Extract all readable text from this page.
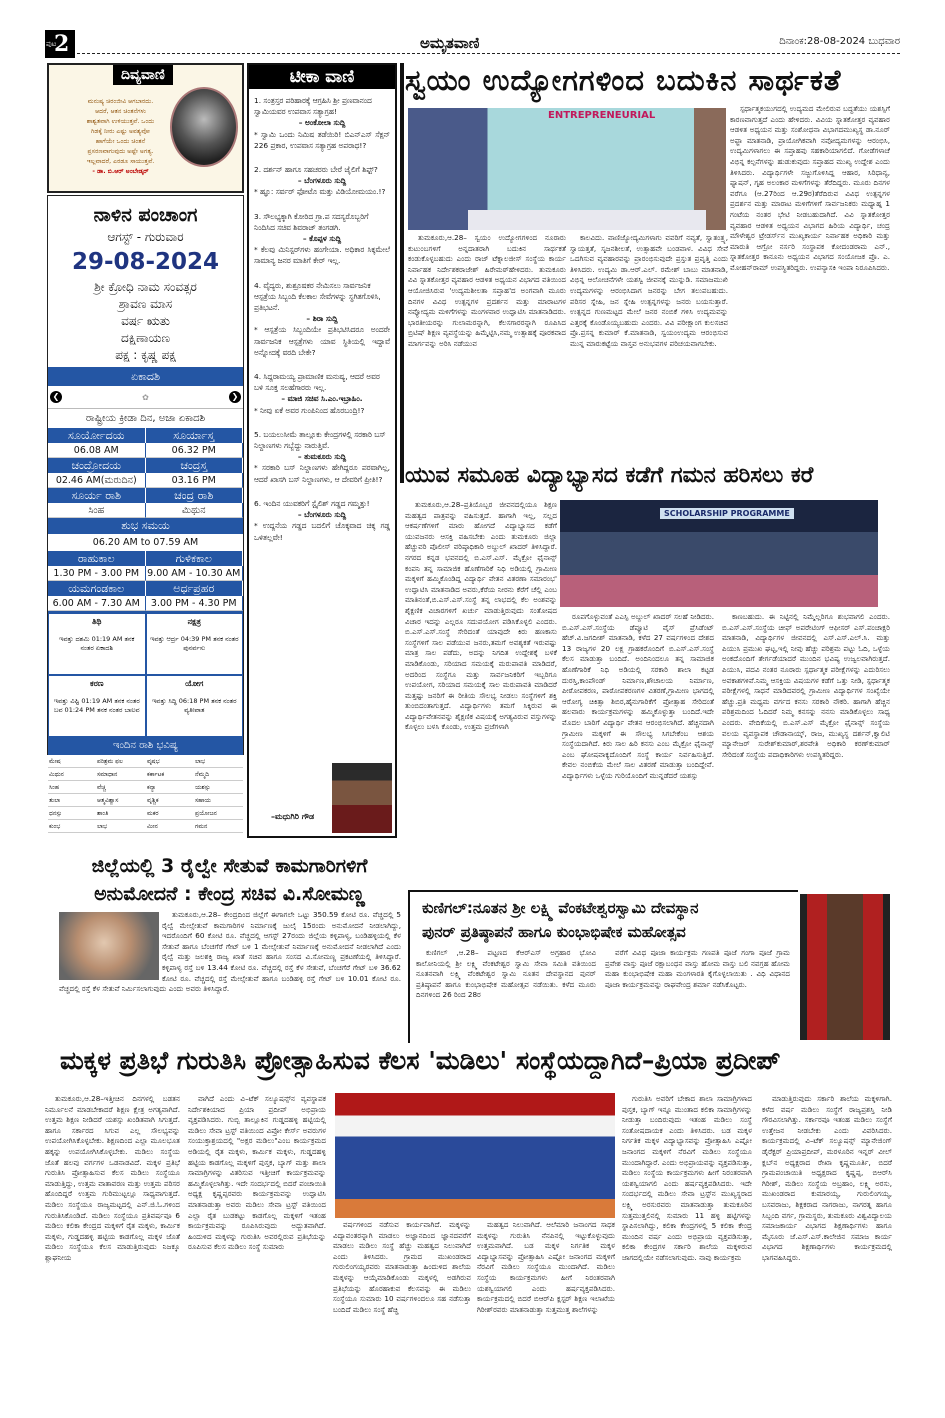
ಪುಟ
2	ಅಮೃತವಾಣಿ	ದಿನಾಂಕ:28-08-2024 ಬುಧವಾರ
ದಿವ್ಯವಾಣಿ
ಮನುಷ್ಯ ಚಿರಂಜೀವಿ ಆಗಬಾರದು.
ಆದರೆ, ಆತನ ಚಿಂತನೆಗಳು
ಶಾಶ್ವತವಾಗಿ ಉಳಿಯುತ್ತವೆ. ಒಂದು
ಗಿಡಕ್ಕೆ ನೀರು ಎಷ್ಟು ಅವಶ್ಯವೋ
ಹಾಗೆಯೇ ಒಂದು ಚಿಂತನೆ
ಪ್ರಸರಣವಾಗುವುದು ಅಷ್ಟೇ ಅಗತ್ಯ.
ಇಲ್ಲವಾದರೆ, ಎರಡೂ ಸಾಯುತ್ತವೆ.
- ಡಾ. ಬಿ.ಆರ್ ಅಂಬೇಡ್ಕರ್
ನಾಳಿನ ಪಂಚಾಂಗ
ಆಗಸ್ಟ್ - ಗುರುವಾರ
29-08-2024
ಶ್ರೀ ಕ್ರೋಧಿ ನಾಮ ಸಂವತ್ಸರ
ಶ್ರಾವಣ ಮಾಸ
ವರ್ಷ ಋತು
ದಕ್ಷಿಣಾಯಣ
ಪಕ್ಷ : ಕೃಷ್ಣ ಪಕ್ಷ
ಏಕಾದಶಿ
❮	✿	❯
ರಾಷ್ಟ್ರೀಯ ಕ್ರೀಡಾ ದಿನ, ಅಜಾ ಏಕಾದಶಿ
ಸೂರ್ಯೋದಯ	ಸೂರ್ಯಾಸ್ತ
06.08 AM	06.32 PM
ಚಂದ್ರೋದಯ	ಚಂದ್ರಸ್ತ
02.46 AM(ಮರುದಿನ)	03.16 PM
ಸೂರ್ಯ ರಾಶಿ	ಚಂದ್ರ ರಾಶಿ
ಸಿಂಹ	ಮಿಥುನ
ಶುಭ ಸಮಯ
06.20 AM to 07.59 AM
ರಾಹುಕಾಲ	ಗುಳಿಕಕಾಲ
1.30 PM - 3.00 PM 9.00 AM - 10.30 AM
ಯಮಗಂಡಕಾಲ	ಅರ್ಧಪ್ರಹರ
6.00 AM - 7.30 AM	3.00 PM - 4.30 PM
ತಿಥಿ
ಇವತ್ತು ದಶಮಿ 01:19 AM ತನಕ ನಂತರ ಏಕಾದಶಿ
ನಕ್ಷತ್ರ
ಇವತ್ತು ಆರ್ದ್ರ 04:39 PM ತನಕ ನಂತರ ಪುನರ್ವಸು
ಕರಣ
ಇವತ್ತು ವಿಷ್ಟಿ 01:19 AM ತನಕ ನಂತರ ಬವ 01:24 PM ತನಕ ನಂತರ ಬಾಲವ
ಯೋಗ
ಇವತ್ತು ಸಿದ್ಧಿ 06:18 PM ತನಕ ನಂತರ ವ್ಯತೀಪಾತ
ಇಂದಿನ ರಾಶಿ ಭವಿಷ್ಯ
ಮೇಷ	ಪರಿಶ್ರಮ ಫಲ	ವೃಷಭ	ಲಾಭ
ಮಿಥುನ	ಸಮಾಧಾನ	ಕರ್ಕಾಟಕ	ನೆಮ್ಮದಿ
ಸಿಂಹ	ವೆಚ್ಚ	ಕನ್ಯಾ	ಯಶಸ್ಸು
ತುಲಾ	ಆತ್ಮವಿಶ್ವಾಸ	ವೃಶ್ಚಿಕ	ಸಹಾಯ
ಧನಸ್ಸು	ಶಾಂತಿ	ಮಕರ	ಪ್ರಯೋಜನ
ಕುಂಭ	ಲಾಭ	ಮೀನ	ಗಮನ
ಟೀಕಾ ವಾಣಿ
1. ಸಂತ್ರಸ್ತರ ಪರಿಹಾರಕ್ಕೆ ಆಗ್ರಹಿಸಿ ಶ್ರೀ ಪ್ರಣವಾನಂದ ಸ್ವಾಮಿಯವರ ಉಪವಾಸ ಸತ್ಯಾಗ್ರಹ!
– ಅಂಕೋಲಾ ಸುದ್ದಿ
* ಸ್ವಾಮಿ ಒಂದು ನಿಮಿಷ ತಡೆಯಿರಿ! ಬಿಎನ್‌ಎಸ್ ಸೆಕ್ಷನ್ 226 ಪ್ರಕಾರ, ಉಪವಾಸ ಸತ್ಯಾಗ್ರಹ ಅಪರಾಧ!?
2. ದರ್ಶನ್ ಹಾಗೂ ಸಹಚರರು ಬೇರೆ ಜೈಲಿಗೆ ಶಿಫ್ಟ್?
– ಬೆಂಗಳೂರು ಸುದ್ದಿ
* ಹ್ಞೂ: ಸರ್ವರ್ ಫೋಟೊ ಮತ್ತು ವಿಡಿಯೋಮಯಂ.!?
3. ಸೌಲಭ್ಯಕ್ಕಾಗಿ ಕೋರಿದ ಗ್ರಾ.ಪ ಸದಸ್ಯರೊಬ್ಬರಿಗೆ ನಿಂದಿಸಿದ ಸಚಿವ ಶಿವರಾಜ್ ತಂಗಡಗಿ.
– ಕೊಪ್ಪಳ ಸುದ್ದಿ
* ಕೆಲವು ಮಿನಿಸ್ಟರ್‌ಗಳು ಹಂಗೇಯಾ. ಅಧಿಕಾರ ಸಿಕ್ಕಮೇಲೆ ಸಾಮಾನ್ಯ ಜನರ ಮಾತಿಗೆ ಕೇರ್ ಇಲ್ಲ.
4. ವೈದ್ಯರು, ಶುಶ್ರೂಷಕರ ನೇಮಿಸಲು ಸಾರ್ವಜನಿಕ ಆಸ್ಪತ್ರೆಯ ಸಿಬ್ಬಂದಿ ಕೆಲಕಾಲ ಸೇವೆಗಳನ್ನು ಸ್ಥಗಿತಗೊಳಿಸಿ, ಪ್ರತಿಭಟನೆ.
– ಶಿರಾ ಸುದ್ದಿ
* ಆಸ್ಪತ್ರೆಯ ಸಿಬ್ಬಂದಿಯೇ ಪ್ರತಿಭಟಿಸಿದರೂ ಅಂದರೇ ಸಾರ್ವಜನಿಕ ಆಸ್ಪತ್ರೆಗಳು ಯಾವ ಸ್ಥಿತಿಯಲ್ಲಿ ಇದ್ದಾವೆ ಅನ್ನೋದಕ್ಕೆ ವರದಿ ಬೇಕೇ?
4. ಸಿದ್ದರಾಮಯ್ಯ ಪ್ರಾಮಾಣಿಕ ಮನುಷ್ಯ, ಆದರೆ ಅವರ ಬಳಿ ಸೂಕ್ತ ಸಲಹೆಗಾರರು ಇಲ್ಲ.
– ಮಾಜಿ ಸಚಿವ ಸಿ.ಎಂ.ಇಬ್ರಾಹಿಂ.
* ನೀವು ಏಕೆ ಅವರ ಗುಂಪಿನಿಂದ ಹೊರಬಂದ್ರಿ!?
5. ಬಯಲುಸೀಮೆ ತಾಲ್ಲೂಕು ಕೇಂದ್ರಗಳಲ್ಲಿ ಸರಕಾರಿ ಬಸ್ ನಿಲ್ದಾಣಗಳು ಗಬ್ಬೆದ್ದು ನಾರುತ್ತಿವೆ.
– ತುಮಕೂರು ಸುದ್ದಿ
* ಸರಕಾರಿ ಬಸ್ ನಿಲ್ದಾಣಗಳು ಹೇಗಿದ್ದರೂ ಪರವಾಗಿಲ್ಲ, ಆದರೆ ಖಾಸಗಿ ಬಸ್ ನಿಲ್ದಾಣಗಳು, ಆ ದೇವರಿಗೆ ಪ್ರೀತಿ!?
6. ಇಂದಿನ ಯುವಕರಿಗೆ ಸ್ಟೈಲಿಶ್ ಗಡ್ಡದ ಗಮ್ಮತ್ತು!
– ಬೆಂಗಳೂರು ಸುದ್ದಿ
* ಉದ್ದನೆಯ ಗಡ್ಡದ ಬದಲಿಗೆ ಚೊಕ್ಕವಾದ ಚಿಕ್ಕ ಗಡ್ಡ ಒಳಿತಲ್ಲವೇ!
–ಮಧುಗಿರಿ ಗೌಡ
ಸ್ವಯಂ ಉದ್ಯೋಗಗಳಿಂದ ಬದುಕಿನ ಸಾರ್ಥಕತೆ
ENTREPRENEURIAL

ತುಮಕೂರು,ಆ.28– ಸ್ವಯಂ ಉದ್ಯೋಗಗಳಿಂದ ನೂರಾರು ಕುಟುಂಬಗಳಿಗೆ ಅನ್ನದಾತರಾಗಿ ಬದುಕಿನ ಸಾರ್ಥಕತೆ ಕಂಡುಕೊಳ್ಳಬಹುದು ಎಂದು ರಾಜ್ ಟೆಕ್ನಾಲಜೀಸ್ ಸಂಸ್ಥೆಯ ಕಾರ್ಯ ನಿರ್ವಾಹಕ ನಿರ್ದೇಶಕರಾಜೇಶ್ ಹಿರೇಮಠ್‌ಹೇಳಿದರು. ತುಮಕೂರು ವಿವಿ ಸ್ನಾತಕೋತ್ತರ ವ್ಯವಹಾರ ಆಡಳಿತ ಅಧ್ಯಯನ ವಿಭಾಗದ ವತಿಯಿಂದ ಆಯೋಜಿಸಿರುವ 'ಉದ್ಯಮಶೀಲತಾ ಸಪ್ತಾಹ'ದ ಅಂಗವಾಗಿ ಮೂರು ದಿನಗಳ ವಿವಿಧ ಉತ್ಪನ್ನಗಳ ಪ್ರದರ್ಶನ ಮತ್ತು ಮಾರಾಟಗಳ ನವ್ಯೋದ್ಯಮ ಮಳಿಗೆಗಳನ್ನು ಮಂಗಳವಾರ ಉದ್ಘಾಟಿಸಿ ಮಾತನಾಡಿದರು. ಭಾರತೀಯರನ್ನು ಗುಲಾಮರನ್ನಾಗಿ, ಕೆಲಸಗಾರರನ್ನಾಗಿ ರೂಪಿಸಿದ ಬ್ರಿಟಿಷ್ ಶಿಕ್ಷಣ ವ್ಯವಸ್ಥೆಯನ್ನು ಹಿಮ್ಮೆಟ್ಟಿಸಿ,ನಮ್ಮ ಉತ್ಸಾಹಕ್ಕೆ ಪೂರಕವಾದ ಮಾರ್ಗವನ್ನು ಅರಿಸಿ ನಡೆಯುವ

ಕಾಲವಿದು. ವಾಣಿಜ್ಯೋದ್ಯಮಿಗಳಾಗು ವವರಿಗೆ ನವ್ಯತೆ, ಸ್ವಾತಂತ್ರ್ಯ, ಸ್ವಾಯತ್ತತೆ, ಸೃಜನಶೀಲತೆ, ಉತ್ಸಾಹವೇ ಬಂಡವಾಳ. ವಿವಿಧ ಸೇವೆ ಒದಗಿಸುವ ವ್ಯವಹಾರವನ್ನು ಪ್ರಾರಂಭಿಸುವುದೇ ಪ್ರಸ್ತುತ ಪ್ರವೃತ್ತಿ ಎಂದು ತಿಳಿಸಿದರು. ಉದ್ಯಮಿ ಡಾ.ಆರ್.ಎಲ್. ರಮೇಶ್ ಬಾಬು ಮಾತನಾಡಿ, ವಿಭಿನ್ನ ಆಲೋಚನೆಗಳೇ ಯಶಸ್ವಿ ಜೀವನಕ್ಕೆ ಮುನ್ನುಡಿ. ಸಮಾಜಮುಖಿ ಉದ್ಯಮಗಳನ್ನು ಆರಂಭಿಸಿದಾಗ ಜನರನ್ನು ಬೇಗ ತಲುಪಬಹುದು. ಪರಿಸರ ಸ್ನೇಹಿ, ಜನ ಸ್ನೇಹಿ ಉತ್ಪನ್ನಗಳನ್ನು ಜನರು ಬಯಸುತ್ತಾರೆ. ಉತ್ಪನ್ನದ ಗುಣಮಟ್ಟದ ಮೇಲೆ ಜನರ ನಂಬಿಕೆ ಗಳಿಸಿ ಉದ್ಯಮವನ್ನು ಎತ್ತರಕ್ಕೆ ಕೊಂಡೊಯ್ಯಬಹುದು ಎಂದರು. ವಿವಿ ಪರೀಕ್ಷಾಂಗ ಕುಲಸಚಿವ ಪ್ರೊ.ಪ್ರಸನ್ನ ಕುಮಾರ್ ಕೆ.ಮಾತನಾಡಿ, ಸ್ವಯಂಉದ್ಯಮ ಆರಂಭಿಸುವ ಮುನ್ನ ಮಾರುಕಟ್ಟೆಯ ವಾಸ್ತವ ಅನುಭವಗಳ ಪರಿಚಯವಾಗಬೇಕು.

ಸ್ಪರ್ಧಾತ್ಮಕಯುಗದಲ್ಲಿ ಉದ್ಯಮದ ಮೇಲಿರುವ ಬದ್ಧತೆಯು ಯಶಸ್ಸಿಗೆ ಕಾರಣವಾಗುತ್ತದೆ ಎಂದು ಹೇಳಿದರು. ವಿವಿಯ ಸ್ನಾತಕೋತ್ತರ ವ್ಯವಹಾರ ಆಡಳಿತ ಅಧ್ಯಯನ ಮತ್ತು ಸಂಶೋಧನಾ ವಿಭಾಗದಮುಖ್ಯಸ್ಥ ಡಾ.ನೂರ್ ಅಫ್ಜಾ ಮಾತನಾಡಿ, ಪ್ರಾಯೋಗಿಕವಾಗಿ ನವೋದ್ಯಮಗಳನ್ನು ಆರಂಭಿಸಿ, ಉದ್ಯಮಿಗಳಾಗಲು ಈ ಸಪ್ತಾಹವು ಸಹಕಾರಿಯಾಗಲಿದೆ. ಗೋಡೆಗಳಾಚೆ ವಿಭಿನ್ನ ಕಲ್ಪನೆಗಳನ್ನು ಹುಡುಕುವುದು ಸಪ್ತಾಹದ ಮುಖ್ಯ ಉದ್ದೇಶ ಎಂದು ತಿಳಿಸಿದರು. ವಿದ್ಯಾರ್ಥಿಗಳೇ ಸಜ್ಜುಗೊಳಿಸಿದ್ದ ಆಹಾರ, ಸಿರಿಧಾನ್ಯ, ಫ್ಯಾಷನ್, ಗೃಹ ಅಲಂಕಾರ ಮಳಿಗೆಗಳನ್ನು ತೆರೆದಿದ್ದರು. ಮೂರು ದಿನಗಳ ವರೆಗೂ (ಆ.27ರಿಂದ ಆ.29ರ)ತೆರೆದಿರುವ ವಿವಿಧ ಉತ್ಪನ್ನಗಳ ಪ್ರದರ್ಶನ ಮತ್ತು ಮಾರಾಟ ಮಳಿಗೆಗಳಿಗೆ ಸಾರ್ವಜನಿಕರು ಮಧ್ಯಾಹ್ನ 1 ಗಂಟೆಯ ನಂತರ ಭೇಟಿ ನೀಡಬಹುದಾಗಿದೆ. ವಿವಿ ಸ್ನಾತಕೋತ್ತರ ವ್ಯವಹಾರ ಆಡಳಿತ ಅಧ್ಯಯನ ವಿಭಾಗದ ಹಿರಿಯ ವಿದ್ಯಾರ್ಥಿ, ಚಂದ್ರ ಮೌಳೇಶ್ವರ ಟ್ರೇಡರ್ಸ್‌ನ ಮುಖ್ಯಕಾರ್ಯ ನಿರ್ವಾಹಕ ಅಧಿಕಾರಿ ಮತ್ತು ಮಾರುತಿ ಆಗ್ರೋ ನರ್ಸರಿ ಸಂಸ್ಥಾಪಕ ಕೋದಂಡರಾಮ ಎನ್., ಸ್ನಾತಕೋತ್ತರ ಕಾನೂನು ಅಧ್ಯಯನ ವಿಭಾಗದ ಸಂಯೋಜಕ ಪ್ರೊ. ಎ. ಮೋಹನ್‌ರಾಮ್ ಉಪಸ್ಥಿತರಿದ್ದರು. ಉಪನ್ಯಾಸಕಿ ಇಂಪಾ ನಿರೂಪಿಸಿದರು.

ಯುವ ಸಮೂಹ ವಿದ್ಯಾಭ್ಯಾಸದ ಕಡೆಗೆ ಗಮನ ಹರಿಸಲು ಕರೆ

ತುಮಕೂರು,ಆ.28–ಪ್ರತಿಯೊಬ್ಬರ ಜೀವನದಲ್ಲಿಯೂ ಶಿಕ್ಷಣ ಮಹತ್ವದ ಪಾತ್ರವನ್ನು ವಹಿಸುತ್ತದೆ. ಹಾಗಾಗಿ ಇಲ್ಲ, ಸಲ್ಲದ ಆಕರ್ಷಣೆಗಳಿಗೆ ಮಾರು ಹೋಗದೆ ವಿದ್ಯಾಭ್ಯಾಸದ ಕಡೆಗೆ ಯುವಜನರು ಆಸಕ್ತಿ ವಹಿಸಬೇಕು ಎಂದು ತುಮಕೂರು ಜಿಲ್ಲಾ ಹೆಚ್ಚುವರಿ ಪೊಲೀಸ್ ವರಿಷ್ಠಾಧಿಕಾರಿ ಅಬ್ದುಲ್ ಖಾದರ್ ತಿಳಿಸಿದ್ದಾರೆ. ನಗರದ ಕನ್ನಡ ಭವನದಲ್ಲಿ ಬಿ.ಎಸ್.ಎಸ್. ಮೈಕ್ರೋ ಫೈನಾನ್ಸ್ ಕಂಪನಿ ತನ್ನ ಸಾಮಾಜಿಕ ಹೊಣೆಗಾರಿಕೆ ನಿಧಿ ಅಡಿಯಲ್ಲಿ ಗ್ರಾಮೀಣ ಮಕ್ಕಳಿಗೆ ಹಮ್ಮಿಕೊಂಡಿದ್ದ ವಿದ್ಯಾರ್ಥಿ ವೇತನ ವಿತರಣಾ ಸಮಾರಂಭ' ಉದ್ಘಾಟಿಸಿ ಮಾತನಾಡಿದ ಅವರು,ಕೆರೆಯ ನೀರನು ಕೆರೆಗೆ ಚೆಲ್ಲಿ ಎಂಬ ಮಾತಿನಂತೆ,ಬಿ.ಎಸ್.ಎಸ್.ಸಂಸ್ಥೆ ತನ್ನ ಲಾಭದಲ್ಲಿ ಕೆಲ ಅಂಶವನ್ನು ಶೈಕ್ಷಣಿಕ ವಿಚಾರಗಳಿಗೆ ಖರ್ಚು ಮಾಡುತ್ತಿರುವುದು ಸಂತೋಷದ ವಿಚಾರ ಇದನ್ನು ಎಲ್ಲರೂ ಸದುಪಯೋಗ ಪಡಿಸಿಕೊಳ್ಳಲಿ ಎಂದರು. ಬಿ.ಎಸ್.ಎಸ್.ಸಂಸ್ಥೆ ಸೇರಿದಂತೆ ಯಾವುದೇ ಕಿರು ಹಣಕಾಸು ಸಂಸ್ಥೆಗಳಿಗೆ ಸಾಲ ಪಡೆಯುವ ಜನರು,ತಮಗೆ ಅವಶ್ಯಕತೆ ಇರುವಷ್ಟು ಮಾತ್ರ ಸಾಲ ಪಡೆದು, ಅದನ್ನು ನಿಗದಿತ ಉದ್ದೇಶಕ್ಕೆ ಬಳಕೆ ಮಾಡಿಕೊಂಡು, ಸರಿಯಾದ ಸಮಯಕ್ಕೆ ಮರುಪಾವತಿ ಮಾಡಿದರೆ, ಅದರಿಂದ ಸಂಸ್ಥೆಗೂ ಮತ್ತು ಸಾರ್ವಜನಿಕರಿಗೆ ಇಬ್ಬರಿಗೂ ಉಪಯೋಗ, ಸರಿಯಾದ ಸಮಯಕ್ಕೆ ಸಾಲ ಮರುಪಾವತಿ ಮಾಡಿದರೆ ಮತ್ತಷ್ಟು ಜನರಿಗೆ ಈ ರೀತಿಯ ಸೌಲಭ್ಯ ನೀಡಲು ಸಂಸ್ಥೆಗಳಿಗೆ ಶಕ್ತಿ ತುಂಬಿದಂತಾಗುತ್ತದೆ. ವಿದ್ಯಾರ್ಥಿಗಳು ತಮಗೆ ಸಿಕ್ಕಿರುವ ಈ ವಿದ್ಯಾರ್ಥಿವೇತನವನ್ನು ಶೈಕ್ಷಣಿಕ ವಿಷಯಕ್ಕೆ ಅಗತ್ಯವಿರುವ ವಸ್ತುಗಳನ್ನು ಕೊಳ್ಳಲು ಬಳಸಿ ಕೊಂಡು, ಉತ್ತಮ ಪ್ರಜೆಗಳಾಗಿ

SCHOLARSHIP PROGRAMME

ರೂಪಗೊಳ್ಳುವಂತೆ ಎಎಸ್ಪಿ ಅಬ್ದುಲ್ ಖಾದರ್ ಸಲಹೆ ನೀಡಿದರು. ಬಿ.ಎಸ್.ಎಸ್.ಸಂಸ್ಥೆಯ ಡೆಪ್ಯೂಟಿ ವೈಸ್ ಪ್ರೆಸಿಡೆಂಟ್ ಹೆಚ್.ವಿ.ಜಗದೀಶ್ ಮಾತನಾಡಿ, ಕಳೆದ 27 ವರ್ಷಗಳಿಂದ ದೇಶದ 13 ರಾಜ್ಯಗಳ 20 ಲಕ್ಷ ಗ್ರಾಹಕರೊಂದಿಗೆ ಬಿ.ಎಸ್.ಎಸ್.ಸಂಸ್ಥೆ ಕೆಲಸ ಮಾಡುತ್ತಾ ಬಂದಿದೆ. ಅಂದಿನಿಂದಲೂ ತನ್ನ ಸಾಮಾಜಿಕ ಹೊಣೆಗಾರಿಕೆ ನಿಧಿ ಅಡಿಯಲ್ಲಿ ಸರಕಾರಿ ಶಾಲಾ ಕಟ್ಟಡ ದುರಸ್ತಿ,ಕಾಂಪೌಂಡ್ ನಿರ್ಮಾಣ,ಶೌಚಾಲಯ ನಿರ್ಮಾಣ, ಪೀಠೋಪಕರಣ, ಪಾಠೋಪಕರಣಗಳ ವಿತರಣೆ,ಗ್ರಾಮೀಣ ಭಾಗದಲ್ಲಿ ಆರೋಗ್ಯ ಚಿಕಿತ್ಸಾ ಶಿಬಿರ,ಹೈನುಗಾರಿಕೆಗೆ ಪ್ರೋತ್ಸಾಹ ಸೇರಿದಂತೆ ಹಲವಾರು ಕಾರ್ಯಕ್ರಮಗಳನ್ನು ಹಮ್ಮಿಕೊಳ್ಳುತ್ತಾ ಬಂದಿದೆ.ಇದೇ ಮೊದಲ ಬಾರಿಗೆ ವಿದ್ಯಾರ್ಥಿ ವೇತನ ಆರಂಭಿಸಲಾಗಿದೆ. ಹೆಚ್ಚಿನದಾಗಿ ಗ್ರಾಮೀಣ ಮಕ್ಕಳಿಗೆ ಈ ಸೌಲಭ್ಯ ಸಿಗಬೇಕೆಂಬ ಆಶಯ ಸಂಸ್ಥೆಯದಾಗಿದೆ. ಕಿರು ಸಾಲ ಹಿರಿ ಕನಸು ಎಂಬ ಮೈಕ್ರೋ ಫೈನಾನ್ಸ್ ಎಂಬ ಘೋಷವಾಕ್ಯದೊಂದಿಗೆ ಸಂಸ್ಥೆ ಕಾರ್ಯ ನಿರ್ವಹಿಸುತ್ತಿದೆ. ಕೇವಲ ನಂಬಿಕೆಯ ಮೇಲೆ ಸಾಲ ವಿತರಣೆ ಮಾಡುತ್ತಾ ಬಂದಿದ್ದೇವೆ. ವಿದ್ಯಾರ್ಥಿಗಳು ಒಳ್ಳೆಯ ಗುರಿಯೊಂದಿಗೆ ಮುನ್ನಡೆದರೆ ಯಶಸ್ಸು

ಕಾಣಬಹುದು. ಈ ನಿಟ್ಟಿನಲ್ಲಿ ನಿಮ್ಮೆಲ್ಲರಿಗೂ ಶುಭವಾಗಲಿ ಎಂದರು. ಬಿ.ಎಸ್.ಎಸ್.ಸಂಸ್ಥೆಯ ಚೀಫ್ ಅಪರೇಟಿಂಗ್ ಆಫೀಸರ್ ಎಸ್.ಪಂಚಾಕ್ಷರಿ ಮಾತನಾಡಿ, ವಿದ್ಯಾರ್ಥಿಗಳ ಜೀವನದಲ್ಲಿ ಎಸ್.ಎಸ್.ಎಲ್.ಸಿ. ಮತ್ತು ಪಿಯುಸಿ ಪ್ರಮುಖ ಘಟ್ಟ,ಇಲ್ಲಿ ನೀವು ಹೆಚ್ಚು ಪರಿಶ್ರಮ ಪಟ್ಟು ಓದಿ, ಒಳ್ಳೆಯ ಅಂಕದೊಂದಿಗೆ ತೇರ್ಗಡೆಯಾದರೆ ಮುಂದಿನ ಭವಿಷ್ಯ ಉಜ್ವಲವಾಗಿರುತ್ತದೆ. ಪಿಯುಸಿ, ಪದವಿ ನಂತರ ನೂರಾರು ಸ್ಪರ್ಧಾತ್ಮಕ ಪರೀಕ್ಷೆಗಳನ್ನು ಎದುರಿಸಲು ಅವಕಾಶಗಳಿವೆ.ನಿಮ್ಮ ಆಸಕ್ತಿಯ ವಿಷಯಗಳ ಕಡೆಗೆ ಒತ್ತು ನೀಡಿ, ಸ್ಪರ್ಧಾತ್ಮಕ ಪರೀಕ್ಷೆಗಳಲ್ಲಿ ಸಾಧನೆ ಮಾಡಿದವರಲ್ಲಿ ಗ್ರಾಮೀಣ ವಿದ್ಯಾರ್ಥಿಗಳ ಸಂಖ್ಯೆಯೇ ಹೆಚ್ಚು.ಪ್ರತಿ ಮಧ್ಯಮ ವರ್ಗದ ಕನಸು ಸರಕಾರಿ ನೌಕರಿ. ಹಾಗಾಗಿ ಹೆಚ್ಚಿನ ಪರಿಶ್ರಮದಿಂದ ಓದಿದರೆ ನಿಮ್ಮ ಕನಸನ್ನು ನನಸು ಮಾಡಿಕೊಳ್ಳಲು ಸಾಧ್ಯ ಎಂದರು. ವೇದಿಕೆಯಲ್ಲಿ ಬಿ.ಎಸ್.ಎಸ್ ಮೈಕ್ರೋ ಫೈನಾನ್ಸ್ ಸಂಸ್ಥೆಯ ವಲಯ ವ್ಯವಸ್ಥಾಪಕ ಚೌಡಾನಾಯ್ಕ್, ರಾಜ, ಮುಖ್ಯಸ್ಥ ದರ್ಶನ್,ಕ್ವಾಲಿಟಿ ಮ್ಯಾನೇಜರ್ ಸುರೇಶ್‌ಕುಮಾರ್,ಶರವೇತಿ ಅಧಿಕಾರಿ ಕರಣ್‌ಕುಮಾರ್ ಸೇರಿದಂತೆ ಸಂಸ್ಥೆಯ ಪದಾಧಿಕಾರಿಗಳು ಉಪಸ್ಥಿತರಿದ್ದರು.

ಜಿಲ್ಲೆಯಲ್ಲಿ 3 ರೈಲ್ವೇ ಸೇತುವೆ ಕಾಮಗಾರಿಗಳಿಗೆ ಅನುಮೋದನೆ : ಕೇಂದ್ರ ಸಚಿವ ವಿ.ಸೋಮಣ್ಣ

ತುಮಕೂರು,ಆ.28– ಕೇಂದ್ರದಿಂದ ಜಿಲ್ಲೆಗೆ ಈಗಾಗಲೇ ಒಟ್ಟು 350.59 ಕೋಟಿ ರೂ. ವೆಚ್ಚದಲ್ಲಿ 5 ರೈಲ್ವೆ ಮೇಲ್ಸೇತುವೆ ಕಾಮಗಾರಿಗಳ ನಿರ್ಮಾಣಕ್ಕೆ ಜುಲೈ 15ರಂದು ಅನುಮೋದನೆ ನೀಡಲಾಗಿದ್ದು, ಇದರೊಂದಿಗೆ 60 ಕೋಟಿ ರೂ. ವೆಚ್ಚದಲ್ಲಿ ಆಗಸ್ಟ್ 27ರಂದು ಜಿಲ್ಲೆಯ ಕಳ್ಳಿಪಾಳ್ಯ, ಬಂಡಿಹಳ್ಳಿಯಲ್ಲಿ ಕೆಳ ಸೇತುವೆ ಹಾಗೂ ಬೆಂಚಗೆರೆ ಗೇಟ್ ಬಳಿ 1 ಮೇಲ್ಸೇತುವೆ ನಿರ್ಮಾಣಕ್ಕೆ ಅನುಮೋದನೆ ನೀಡಲಾಗಿದೆ ಎಂದು ರೈಲ್ವೆ ಮತ್ತು ಜಲಶಕ್ತಿ ರಾಜ್ಯ ಖಾತೆ ಸಚಿವ ಹಾಗೂ ಸಂಸದ ವಿ.ಸೋಮಣ್ಣ ಪ್ರಕಟಣೆಯಲ್ಲಿ ತಿಳಿಸಿದ್ದಾರೆ. ಕಳ್ಳಿಪಾಳ್ಯ ರಸ್ತೆ ಬಳಿ 13.44 ಕೋಟಿ ರೂ. ವೆಚ್ಚದಲ್ಲಿ ರಸ್ತೆ ಕೆಳ ಸೇತುವೆ, ಬೆಂಚಗೆರೆ ಗೇಟ್ ಬಳಿ 36.62 ಕೋಟಿ ರೂ. ವೆಚ್ಚದಲ್ಲಿ ರಸ್ತೆ ಮೇಲ್ಸೇತುವೆ ಹಾಗೂ ಬಂಡಿಹಳ್ಳಿ ರಸ್ತೆ ಗೇಟ್ ಬಳಿ 10.01 ಕೋಟಿ ರೂ. ವೆಚ್ಚದಲ್ಲಿ ರಸ್ತೆ ಕೆಳ ಸೇತುವೆ ನಿರ್ಮಿಸಲಾಗುವುದು ಎಂದು ಅವರು ತಿಳಿಸಿದ್ದಾರೆ.

ಕುಣಿಗಲ್:ನೂತನ ಶ್ರೀ ಲಕ್ಷ್ಮಿ ವೆಂಕಟೇಶ್ವರಸ್ವಾಮಿ ದೇವಸ್ಥಾನ
ಪುನರ್ ಪ್ರತಿಷ್ಠಾಪನೆ ಹಾಗೂ ಕುಂಭಾಭಿಷೇಕ ಮಹೋತ್ಸವ

ಕುಣಿಗಲ್ ,ಆ.28– ಪಟ್ಟಣದ ಕೆಆರ್‌ಎಸ್ ಅಗ್ರಹಾರ ಭೋವಿ ಕಾಲೋನಿಯಲ್ಲಿ ಶ್ರೀ ಲಕ್ಷ್ಮಿ ವೆಂಕಟೇಶ್ವರ ಸ್ವಾಮಿ ಸೇವಾ ಸಮಿತಿ ವತಿಯಿಂದ ನೂತನವಾಗಿ ಲಕ್ಷ್ಮಿ ವೆಂಕಟೇಶ್ವರ ಸ್ವಾಮಿ ನೂತನ ದೇವಸ್ಥಾನದ ಪುನರ್ ಪ್ರತಿಷ್ಠಾಪನೆ ಹಾಗೂ ಕುಂಭಾಭಿಷೇಕ ಮಹೋತ್ಸವ ನಡೆಯಿತು. ಕಳೆದ ಮೂರು ದಿನಗಳಿಂದ 26 ರಿಂದ 28ರ

ವರೆಗೆ ವಿವಿಧ ಪೂಜಾ ಕಾರ್ಯಕ್ರಮ ಗಣಪತಿ ಪೂಜೆ ಗಂಗಾ ಪೂಜೆ ಗ್ರಾಮ ಪ್ರವೇಶ ವಾಸ್ತು ಪೂಜೆ ರಕ್ಷಾಬಂಧನ ವಾಸ್ತು ಹೋಮ ವಾಸ್ತು ಬಲಿ ನವಗ್ರಹ ಹೋಮ ಮಹಾ ಕುಂಭಾಭಿಷೇಕ ಮಹಾ ಮಂಗಳಾರತಿ ಕೈಗೊಳ್ಳಲಾಯಿತು . ವಿಧಿ ವಿಧಾನದ ಪೂಜಾ ಕಾರ್ಯಕ್ರಮವನ್ನು ರಾಘವೇಂದ್ರ ಶರ್ಮಾ ನಡೆಸಿಕೊಟ್ಟರು.

ಮಕ್ಕಳ ಪ್ರತಿಭೆ ಗುರುತಿಸಿ ಪ್ರೋತ್ಸಾಹಿಸುವ ಕೆಲಸ 'ಮಡಿಲು' ಸಂಸ್ಥೆಯದ್ದಾಗಿದೆ–ಪ್ರಿಯಾ ಪ್ರದೀಪ್

ತುಮಕೂರು,ಆ.28–ಇತ್ತೀಚಿನ ದಿನಗಳಲ್ಲಿ ಬಡತನ ನಿರ್ಮೂಲನೆ ಮಾಡಬೇಕಾದರೆ ಶಿಕ್ಷಣ ಕ್ಷೇತ್ರ ಅಗತ್ಯವಾಗಿದೆ. ಉತ್ತಮ ಶಿಕ್ಷಣ ನೀಡಿದರೆ ಯಶಸ್ಸು ಖಂಡಿತವಾಗಿ ಸಿಗುತ್ತದೆ. ಹಾಗೂ ಸರ್ಕಾರದ ಸಿಗುವ ಎಲ್ಲ ಸೌಲಭ್ಯವನ್ನು ಉಪಯೋಗಿಸಿಕೊಳ್ಳಬೇಕು. ಶಿಕ್ಷಣದಿಂದ ಎಲ್ಲಾ ಮೂಲಭೂತ ಹಕ್ಕನ್ನು ಉಪಯೋಗಿಸಿಕೊಳ್ಳಬೇಕು. ಮಡಿಲು ಸಂಸ್ಥೆಯ ಜೊತೆ ಹಲವು ವರ್ಗಗಳ ಒಡನಾಡವಿದೆ. ಮಕ್ಕಳ ಪ್ರತಿಭೆ ಗುರುತಿಸಿ ಪ್ರೋತ್ಸಾಹಿಸುವ ಕೆಲಸ ಮಡಿಲು ಸಂಸ್ಥೆಯೂ ಮಾಡುತ್ತಿದ್ದು, ಉತ್ತಮ ವಾತಾವರಣ ಮತ್ತು ಉತ್ತಮ ಪರಿಸರ ಹೊಂದಿದ್ದರೆ ಉತ್ತಮ ಗುರಿಮುಟ್ಟಲ್ಲೂ ಸಾಧ್ಯವಾಗುತ್ತದೆ. ಮಡಿಲು ಸಂಸ್ಥೆಯೂ ರಾಜ್ಯಮಟ್ಟದಲ್ಲಿ ಎನ್.ಜಿ.ಓ.ಗಳಿಂದ ಗುರುತಿಸಿಕೊಂಡಿದೆ. ಮಡಿಲು ಸಂಸ್ಥೆಯೂ ಪ್ರತಿವರ್ಷವೂ 6 ಮಡಿಲು ಕಲಿಕಾ ಕೇಂದ್ರದ ಮಕ್ಕಳಿಗೆ ರೈತ ಮಕ್ಕಳು, ಕಾರ್ಮಿಕ ಮಕ್ಕಳು, ಗುಡ್ಡದಹಳ್ಳಿ ಹಟ್ಟಿಯ ಕಾಡಗೊಲ್ಲ ಮಕ್ಕಳ ಜೊತೆ ಮಡಿಲು ಸಂಸ್ಥೆಯೂ ಕೆಲಸ ಮಾಡುತ್ತಿರುವುದು ನಿಜಕ್ಕೂ ಶ್ಲಾಘನೀಯ

ವಾಗಿದೆ ಎಂದು ವಿ–ಟೆಕ್ ಸಲ್ಯೂಷನ್ಸ್‌ನ ವ್ಯವಸ್ಥಾಪಕ ನಿರ್ದೇಶಕಿಯಾದ ಪ್ರಿಯಾ ಪ್ರದೀಪ್ ಅಭಿಪ್ರಾಯ ವ್ಯಕ್ತಪಡಿಸಿದರು. ಗುಬ್ಬಿ ತಾಲ್ಲೂಕಿನ ಗುಡ್ಡದಹಳ್ಳಿ ಹಟ್ಟಿಯಲ್ಲಿ ಮಡಿಲು ಸೇವಾ ಟ್ರಸ್ಟ್ ವತಿಯಿಂದ ವಿಪ್ರೋ ಕೇರ್ಸ್ ಅವರುಗಳ ಸಂಯುಕ್ತಾಶ್ರಯದಲ್ಲಿ "ಅಕ್ಷರ ಮಡಿಲು"ಎಂಬ ಕಾರ್ಯಕ್ರಮದ ಅಡಿಯಲ್ಲಿ ರೈತ ಮಕ್ಕಳು, ಕಾರ್ಮಿಕ ಮಕ್ಕಳು, ಗುಡ್ಡದಹಳ್ಳಿ ಹಟ್ಟಿಯ ಕಾಡಗೊಲ್ಲ ಮಕ್ಕಳಿಗೆ ಪುಸ್ತಕ, ಬ್ಯಾಗ್ ಮತ್ತು ಶಾಲಾ ಸಾಮಾಗ್ರಿಗಳನ್ನು ವಿತರಿಸುವ ಇತ್ತೀಚಿಗೆ ಕಾರ್ಯಕ್ರಮವನ್ನು ಹಮ್ಮಿಕೊಳ್ಳಲಾಗಿತ್ತು. ಇದೇ ಸಂದರ್ಭದಲ್ಲಿ ಬಿದರೆ ಪಂಚಾಯಿತಿ ಅಧ್ಯಕ್ಷ ಕೃಷ್ಣಪ್ಪರವರು ಕಾರ್ಯಕ್ರಮವನ್ನು ಉದ್ಘಾಟಿಸಿ ಮಾತನಾಡುತ್ತಾ ಅವರು ಮಡಿಲು ಸೇವಾ ಟ್ರಸ್ಟ್ ವತಿಯಿಂದ ಎಲ್ಲಾ ರೈತ ಬುಡಕಟ್ಟು ಕಾಡಗೊಲ್ಲ ಮಕ್ಕಳಿಗೆ ಇತಂಹ ಕಾರ್ಯಕ್ರಮವನ್ನು ರೂಪಿಸಿರುವುದು ಅದ್ಭುತವಾಗಿದೆ. ಹಿಂದುಳಿದ ಮಕ್ಕಳನ್ನು ಗುರುತಿಸಿ ಅವರಲ್ಲಿರುವ ಪ್ರತಿಭೆಯನ್ನು ರೂಪಿಸುವ ಕೆಲಸ ಮಡಿಲು ಸಂಸ್ಥೆ ಸುಮಾರು

ವರ್ಷಗಳಿಂದ ನಡೆಸುವ ಕಾರ್ಯವಾಗಿದೆ. ಮಕ್ಕಳನ್ನು ವಿದ್ಯಾವಂತರನ್ನಾಗಿ ಮಾಡಲು ಅಜ್ಞಾನದಿಂದ ಜ್ಞಾನದವರೆಗೆ ಮಾಡಲು ಮಡಿಲು ಸಂಸ್ಥೆ ಹೆಚ್ಚು ಮಹತ್ವದ ನಿಲುವಾಗಿದೆ ಎಂದು ತಿಳಿಸಿದರು. ಗ್ರಾಮದ ಮುಖಂಡರಾದ ಗುರುಲಿಂಗಯ್ಯರವರು ಮಾತನಾಡುತ್ತಾ ಹಿಂದುಳಿದ ಶಾಲೆಯ ಮಕ್ಕಳನ್ನು ಆಯ್ಕೆಮಾಡಿಕೊಂಡು ಮಕ್ಕಳಲ್ಲಿ ಅಡಗಿರುವ ಪ್ರತಿಭೆಯನ್ನು ಹೊರಹಾಕುವ ಕೆಲಸವನ್ನು ಈ ಮಡಿಲು ಸಂಸ್ಥೆಯೂ ಸುಮಾರು 10 ವರ್ಷಗಳಿಂದಲೂ ಸಹ ನಡೆಸುತ್ತಾ ಬಂದಿದೆ ಮಡಿಲು ಸಂಸ್ಥೆ ಹೆಚ್ಚಿ

ಮಹತ್ವದ ನಿಲುವಾಗಿದೆ. ಆಲೆಮಾರಿ ಜನಾಂಗದ ಸಾಧಕ ಮಕ್ಕಳನ್ನು ಗುರುತಿಸಿ ನೆನಪಿನಲ್ಲಿ ಇಟ್ಟುಕೊಳ್ಳುವುದು ಉತ್ತಮವಾಗಿದೆ. ಬಡ ಮಕ್ಕಳ ನಿರ್ಗತಿಕ ಮಕ್ಕಳ ವಿದ್ಯಾಭ್ಯಾಸವನ್ನು ಪ್ರೋತ್ಸಾಹಿಸಿ ಎಷ್ಟೋ ಜನಾಂಗದ ಮಕ್ಕಳಿಗೆ ನೆರವಿಗೆ ಮಡಿಲು ಸಂಸ್ಥೆಯೂ ಮುಂದಾಗಿದೆ. ಮಡಿಲು ಸಂಸ್ಥೆಯ ಕಾರ್ಯಕ್ರಮಗಳು ಹೀಗೆ ನಿರಂತರವಾಗಿ ಯಶಸ್ವಿಯಾಗಲಿ ಎಂದು ಹರ್ಷವ್ಯಕ್ತಪಡಿಸಿದರು. ಕಾರ್ಯಕ್ರಮದಲ್ಲಿ ಬಿದರೆ ಬಿಆರ್‌ಪಿ ಕ್ಲಸ್ಟರ್ ಶಿಕ್ಷಣ ಇಲಾಖೆಯ ಗಿರೀಶ್‌ರವರು ಮಾತನಾಡುತ್ತಾ ಸುತ್ತಮುತ್ತ ಶಾಲೆಗಳನ್ನು

ಗುರುತಿಸಿ ಅವರಿಗೆ ಬೇಕಾದ ಶಾಲಾ ಸಾಮಾಗ್ರಿಗಳಾದ ಪುಸ್ತಕ, ಬ್ಯಾಗ್ ಇನ್ನೂ ಮುಂತಾದ ಕಲಿಕಾ ಸಾಮಾಗ್ರಿಗಳನ್ನು ನೀಡುತ್ತಾ ಬಂದಿರುವುದು ಇತಂಹ ಮಡಿಲು ಸಂಸ್ಥೆ ಸಂತೋಷದಾಯಕ ಎಂದು ತಿಳಿಸಿದರು. ಬಡ ಮಕ್ಕಳ ನಿರ್ಗತಿಕ ಮಕ್ಕಳ ವಿದ್ಯಾಭ್ಯಾಸವನ್ನು ಪ್ರೋತ್ಸಾಹಿಸಿ ಎಷ್ಟೋ ಜನಾಂಗದ ಮಕ್ಕಳಿಗೆ ನೆರವಿಗೆ ಮಡಿಲು ಸಂಸ್ಥೆಯೂ ಮುಂದಾಗಿದ್ದಾರೆ. ಎಂದು ಅಭಿಪ್ರಾಯವನ್ನು ವ್ಯಕ್ತಪಡಿಸುತ್ತಾ, ಮಡಿಲು ಸಂಸ್ಥೆಯ ಕಾರ್ಯಕ್ರಮಗಳು ಹೀಗೆ ನಿರಂತರವಾಗಿ ಯಶಸ್ವಿಯಾಗಲಿ ಎಂದು ಹರ್ಷವ್ಯಕ್ತಪಡಿಸಿದರು. ಇದೇ ಸಂದರ್ಭದಲ್ಲಿ ಮಡಿಲು ಸೇವಾ ಟ್ರಸ್ಟ್‌ನ ಮುಖ್ಯಸ್ಥರಾದ ಲಕ್ಷ್ಮಿ ಅರಸುರವರು ಮಾತನಾಡುತ್ತಾ ತುಮಕೂರಿನ ಸುತ್ತಮುತ್ತಲಿನಲ್ಲಿ ಸುಮಾರು 11 ಹಳ್ಳಿ ಹಟ್ಟಿಗಳನ್ನು ಸ್ಥಾಪಿಸಲಾಗಿದ್ದು, ಕಲಿಕಾ ಕೇಂದ್ರಗಳಲ್ಲಿ 5 ಕಲಿಕಾ ಕೇಂದ್ರ ಮುಂದಿನ ವರ್ಷ ಎಂದು ಅಭಿಪ್ರಾಯ ವ್ಯಕ್ತಪಡಿಸುತ್ತಾ, ಕಲಿಕಾ ಕೇಂದ್ರಗಳ ಸರ್ಕಾರಿ ಶಾಲೆಯ ಮಕ್ಕಳಿರುವ ಜಾಗದಲ್ಲಿಯೇ ನಡೆಸಲಾಗುವುದು. ನಾವು ಕಾರ್ಯಕ್ರಮ

ಮಾಡುತ್ತಿರುವುದು ಸರ್ಕಾರಿ ಶಾಲೆಯ ಮಕ್ಕಳಿಗಾಗಿ. ಕಳೆದ ವರ್ಷ ಮಡಿಲು ಸಂಸ್ಥೆಗೆ ರಾಜ್ಯಪ್ರಶಸ್ತಿ ನೀಡಿ ಗೌರವಿಸಲಾಗಿತ್ತು. ಸರ್ಕಾರವೂ ಇತಂಹ ಮಡಿಲು ಸಂಸ್ಥೆಗೆ ಉತ್ತೇಜನ ನೀಡಬೇಕು ಎಂದು ವಿವರಿಸಿದರು. ಕಾರ್ಯಕ್ರಮದಲ್ಲಿ ವಿ–ಟೆಕ್ ಸಲ್ಯೂಷನ್ಸ್ ಮ್ಯಾನೇಜಿಂಗ್ ಡೈರೆಕ್ಟರ್ ಪ್ರಿಯಾಪ್ರದೀಪ್, ಮರಳೂರಿನ ಇನ್ನರ್ ವೀಲ್ ಕ್ಲಬ್‌ನ ಅಧ್ಯಕ್ಷರಾದ ರೇಖಾ ಕೃಷ್ಣಮೂರ್ತಿ, ಬಿದರೆ ಗ್ರಾಮಪಂಚಾಯಿತಿ ಅಧ್ಯಕ್ಷರಾದ ಕೃಷ್ಣಪ್ಪ, ಬಿಆರ್‌ಸಿ ಗಿರೀಶ್, ಮಡಿಲು ಸಂಸ್ಥೆಯ ಅಬ್ರಹಾಂ, ಲಕ್ಷ್ಮಿ ಅರಸು, ಮುಖಂಡರಾದ ಕುಮಾರಯ್ಯ, ಗುರುಲಿಂಗಯ್ಯ, ಬಸವರಾಜು, ಶಿಕ್ಷಕರಾದ ನಾಗರಾಜು, ನಾಗರತ್ನ ಹಾಗೂ ಸಿಬ್ಬಂದಿ ವರ್ಗ, ಗ್ರಾಮಸ್ಥರು, ತುಮಕೂರು ವಿಶ್ವವಿದ್ಯಾಲಯ ಸಮಾಜಕಾರ್ಯ ವಿಭಾಗದ ಶಿಕ್ಷಣಾರ್ಥಿಗಳು ಹಾಗೂ ಮೈಸೂರು ಜೆ.ಎಸ್.ಎಸ್.ಕಾಲೇಜಿನ ಸಮಾಜ ಕಾರ್ಯ ವಿಭಾಗದ ಶಿಕ್ಷಣಾರ್ಥಿಗಳು ಕಾರ್ಯಕ್ರಮದಲ್ಲಿ ಭಾಗವಹಿಸಿದ್ದರು.
